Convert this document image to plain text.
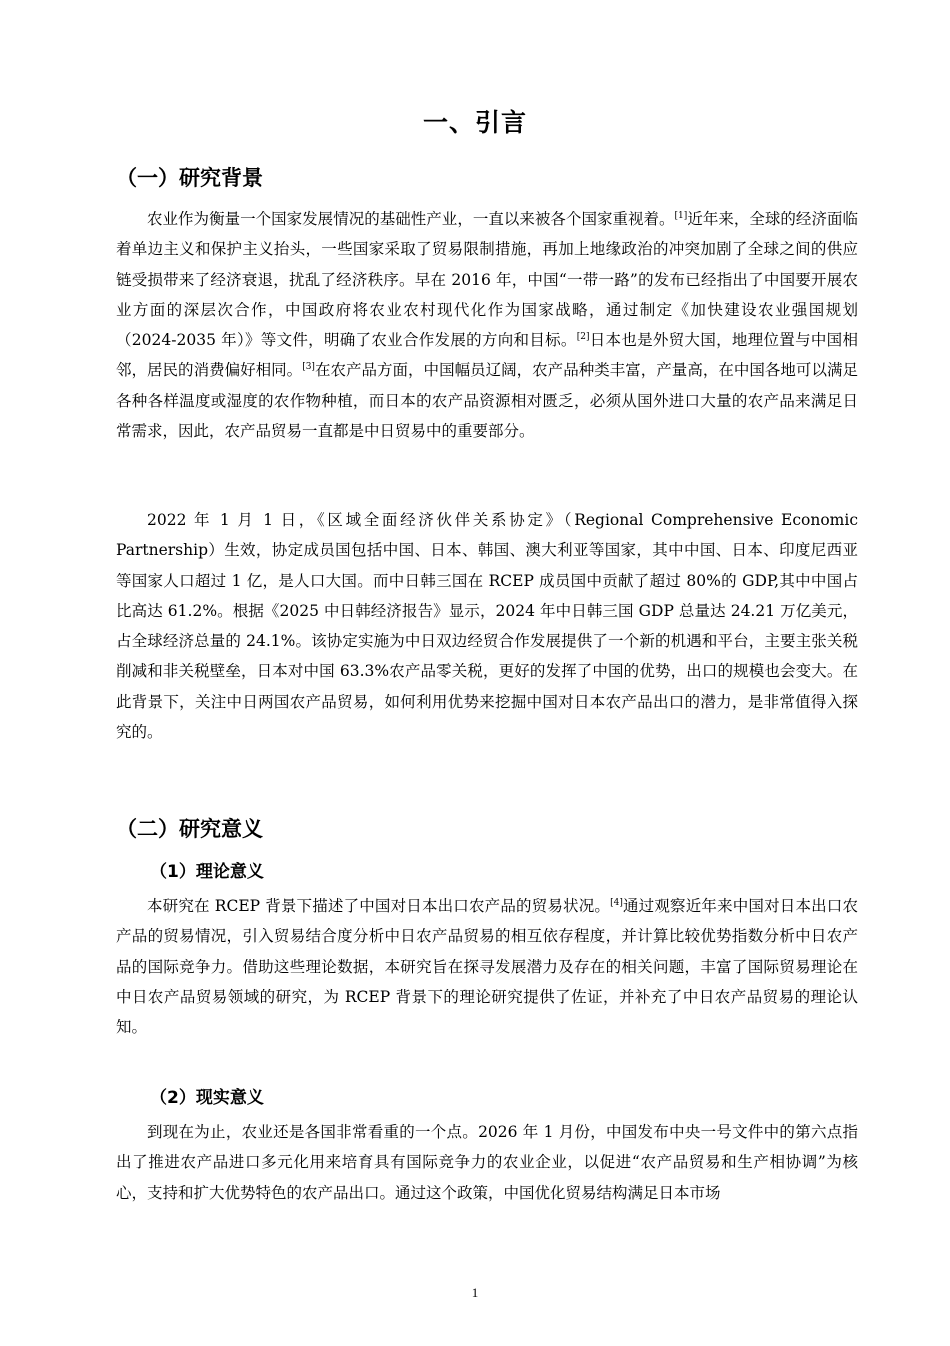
一、引言
（一）研究背景

农业作为衡量一个国家发展情况的基础性产业，一直以来被各个国家重视着。[1]近年来，全球的经济面临着单边主义和保护主义抬头，一些国家采取了贸易限制措施，再加上地缘政治的冲突加剧了全球之间的供应链受损带来了经济衰退，扰乱了经济秩序。早在 2016 年，中国“一带一路”的发布已经指出了中国要开展农业方面的深层次合作，中国政府将农业农村现代化作为国家战略，通过制定《加快建设农业强国规划（2024-2035 年）》等文件，明确了农业合作发展的方向和目标。[2]日本也是外贸大国，地理位置与中国相邻，居民的消费偏好相同。[3]在农产品方面，中国幅员辽阔，农产品种类丰富，产量高，在中国各地可以满足各种各样温度或湿度的农作物种植，而日本的农产品资源相对匮乏，必须从国外进口大量的农产品来满足日常需求，因此，农产品贸易一直都是中日贸易中的重要部分。

2022 年 1 月 1 日，《区域全面经济伙伴关系协定》（Regional Comprehensive Economic Partnership）生效，协定成员国包括中国、日本、韩国、澳大利亚等国家，其中中国、日本、印度尼西亚等国家人口超过 1 亿，是人口大国。而中日韩三国在 RCEP 成员国中贡献了超过 80%的 GDP,其中中国占比高达 61.2%。根据《2025 中日韩经济报告》显示，2024 年中日韩三国 GDP 总量达 24.21 万亿美元，占全球经济总量的 24.1%。该协定实施为中日双边经贸合作发展提供了一个新的机遇和平台，主要主张关税削减和非关税壁垒，日本对中国 63.3%农产品零关税，更好的发挥了中国的优势，出口的规模也会变大。在此背景下，关注中日两国农产品贸易，如何利用优势来挖掘中国对日本农产品出口的潜力，是非常值得入探究的。

（二）研究意义
（1）理论意义

本研究在 RCEP 背景下描述了中国对日本出口农产品的贸易状况。[4]通过观察近年来中国对日本出口农产品的贸易情况，引入贸易结合度分析中日农产品贸易的相互依存程度，并计算比较优势指数分析中日农产品的国际竞争力。借助这些理论数据，本研究旨在探寻发展潜力及存在的相关问题，丰富了国际贸易理论在中日农产品贸易领域的研究，为 RCEP 背景下的理论研究提供了佐证，并补充了中日农产品贸易的理论认知。

（2）现实意义

到现在为止，农业还是各国非常看重的一个点。2026 年 1 月份，中国发布中央一号文件中的第六点指出了推进农产品进口多元化用来培育具有国际竞争力的农业企业，以促进“农产品贸易和生产相协调”为核心，支持和扩大优势特色的农产品出口。通过这个政策，中国优化贸易结构满足日本市场

1
